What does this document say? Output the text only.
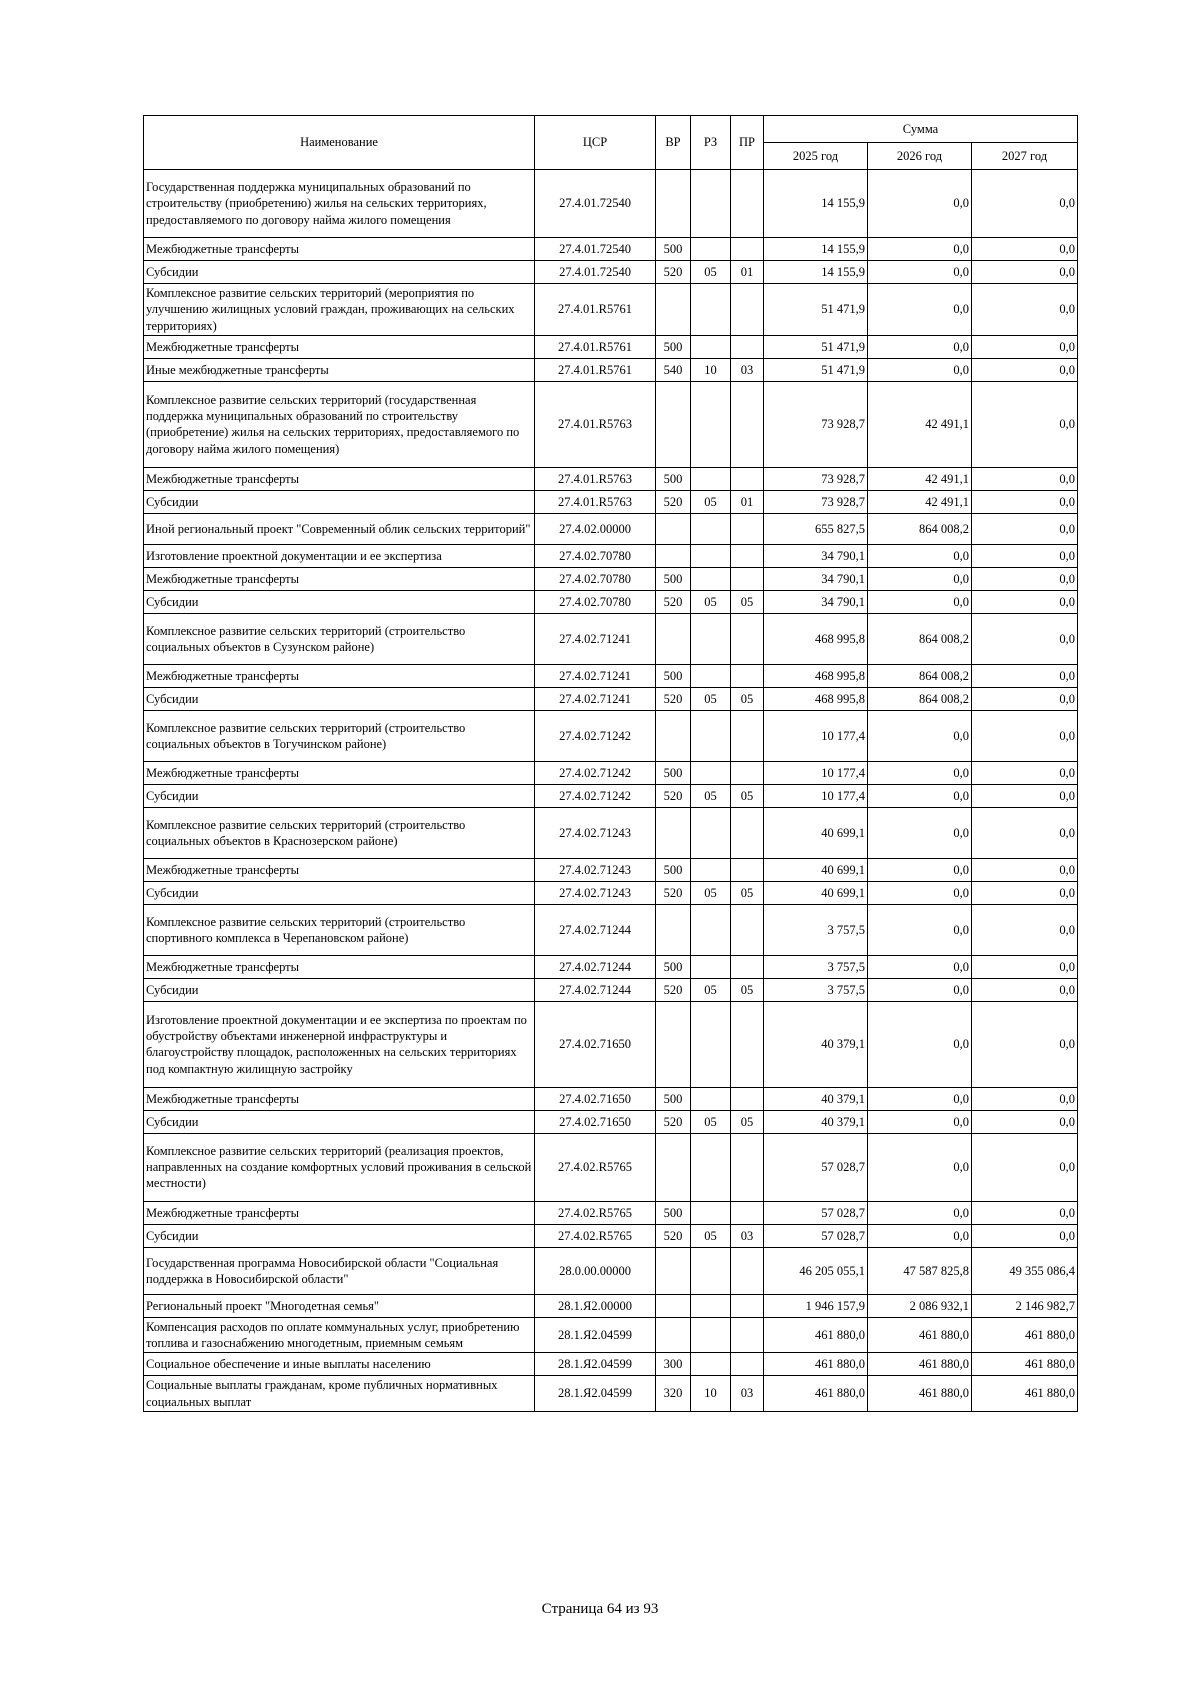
Наименование	ЦСР	ВР	РЗ	ПР	Сумма		
					2025 год	2026 год	2027 год
Государственная поддержка муниципальных образований по строительству (приобретению) жилья на сельских территориях, предоставляемого по договору найма жилого помещения	27.4.01.72540				14 155,9	0,0	0,0
Межбюджетные трансферты	27.4.01.72540	500			14 155,9	0,0	0,0
Субсидии	27.4.01.72540	520	05	01	14 155,9	0,0	0,0
Комплексное развитие сельских территорий (мероприятия по улучшению жилищных условий граждан, проживающих на сельских территориях)	27.4.01.R5761				51 471,9	0,0	0,0
Межбюджетные трансферты	27.4.01.R5761	500			51 471,9	0,0	0,0
Иные межбюджетные трансферты	27.4.01.R5761	540	10	03	51 471,9	0,0	0,0
Комплексное развитие сельских территорий (государственная поддержка муниципальных образований по строительству (приобретение) жилья на сельских территориях, предоставляемого по договору найма жилого помещения)	27.4.01.R5763				73 928,7	42 491,1	0,0
Межбюджетные трансферты	27.4.01.R5763	500			73 928,7	42 491,1	0,0
Субсидии	27.4.01.R5763	520	05	01	73 928,7	42 491,1	0,0
Иной региональный проект "Современный облик сельских территорий"	27.4.02.00000				655 827,5	864 008,2	0,0
Изготовление проектной документации и ее экспертиза	27.4.02.70780				34 790,1	0,0	0,0
Межбюджетные трансферты	27.4.02.70780	500			34 790,1	0,0	0,0
Субсидии	27.4.02.70780	520	05	05	34 790,1	0,0	0,0
Комплексное развитие сельских территорий (строительство социальных объектов в Сузунском районе)	27.4.02.71241				468 995,8	864 008,2	0,0
Межбюджетные трансферты	27.4.02.71241	500			468 995,8	864 008,2	0,0
Субсидии	27.4.02.71241	520	05	05	468 995,8	864 008,2	0,0
Комплексное развитие сельских территорий (строительство социальных объектов в Тогучинском районе)	27.4.02.71242				10 177,4	0,0	0,0
Межбюджетные трансферты	27.4.02.71242	500			10 177,4	0,0	0,0
Субсидии	27.4.02.71242	520	05	05	10 177,4	0,0	0,0
Комплексное развитие сельских территорий (строительство социальных объектов в Краснозерском районе)	27.4.02.71243				40 699,1	0,0	0,0
Межбюджетные трансферты	27.4.02.71243	500			40 699,1	0,0	0,0
Субсидии	27.4.02.71243	520	05	05	40 699,1	0,0	0,0
Комплексное развитие сельских территорий (строительство спортивного комплекса в Черепановском районе)	27.4.02.71244				3 757,5	0,0	0,0
Межбюджетные трансферты	27.4.02.71244	500			3 757,5	0,0	0,0
Субсидии	27.4.02.71244	520	05	05	3 757,5	0,0	0,0
Изготовление проектной документации и ее экспертиза по проектам по обустройству объектами инженерной инфраструктуры и благоустройству площадок, расположенных на сельских территориях под компактную жилищную застройку	27.4.02.71650				40 379,1	0,0	0,0
Межбюджетные трансферты	27.4.02.71650	500			40 379,1	0,0	0,0
Субсидии	27.4.02.71650	520	05	05	40 379,1	0,0	0,0
Комплексное развитие сельских территорий (реализация проектов, направленных на создание комфортных условий проживания в сельской местности)	27.4.02.R5765				57 028,7	0,0	0,0
Межбюджетные трансферты	27.4.02.R5765	500			57 028,7	0,0	0,0
Субсидии	27.4.02.R5765	520	05	03	57 028,7	0,0	0,0
Государственная программа Новосибирской области "Социальная поддержка в Новосибирской области"	28.0.00.00000				46 205 055,1	47 587 825,8	49 355 086,4
Региональный проект "Многодетная семья"	28.1.Я2.00000				1 946 157,9	2 086 932,1	2 146 982,7
Компенсация расходов по оплате коммунальных услуг, приобретению топлива и газоснабжению многодетным, приемным семьям	28.1.Я2.04599				461 880,0	461 880,0	461 880,0
Социальное обеспечение и иные выплаты населению	28.1.Я2.04599	300			461 880,0	461 880,0	461 880,0
Социальные выплаты гражданам, кроме публичных нормативных социальных выплат	28.1.Я2.04599	320	10	03	461 880,0	461 880,0	461 880,0
Страница 64 из 93
